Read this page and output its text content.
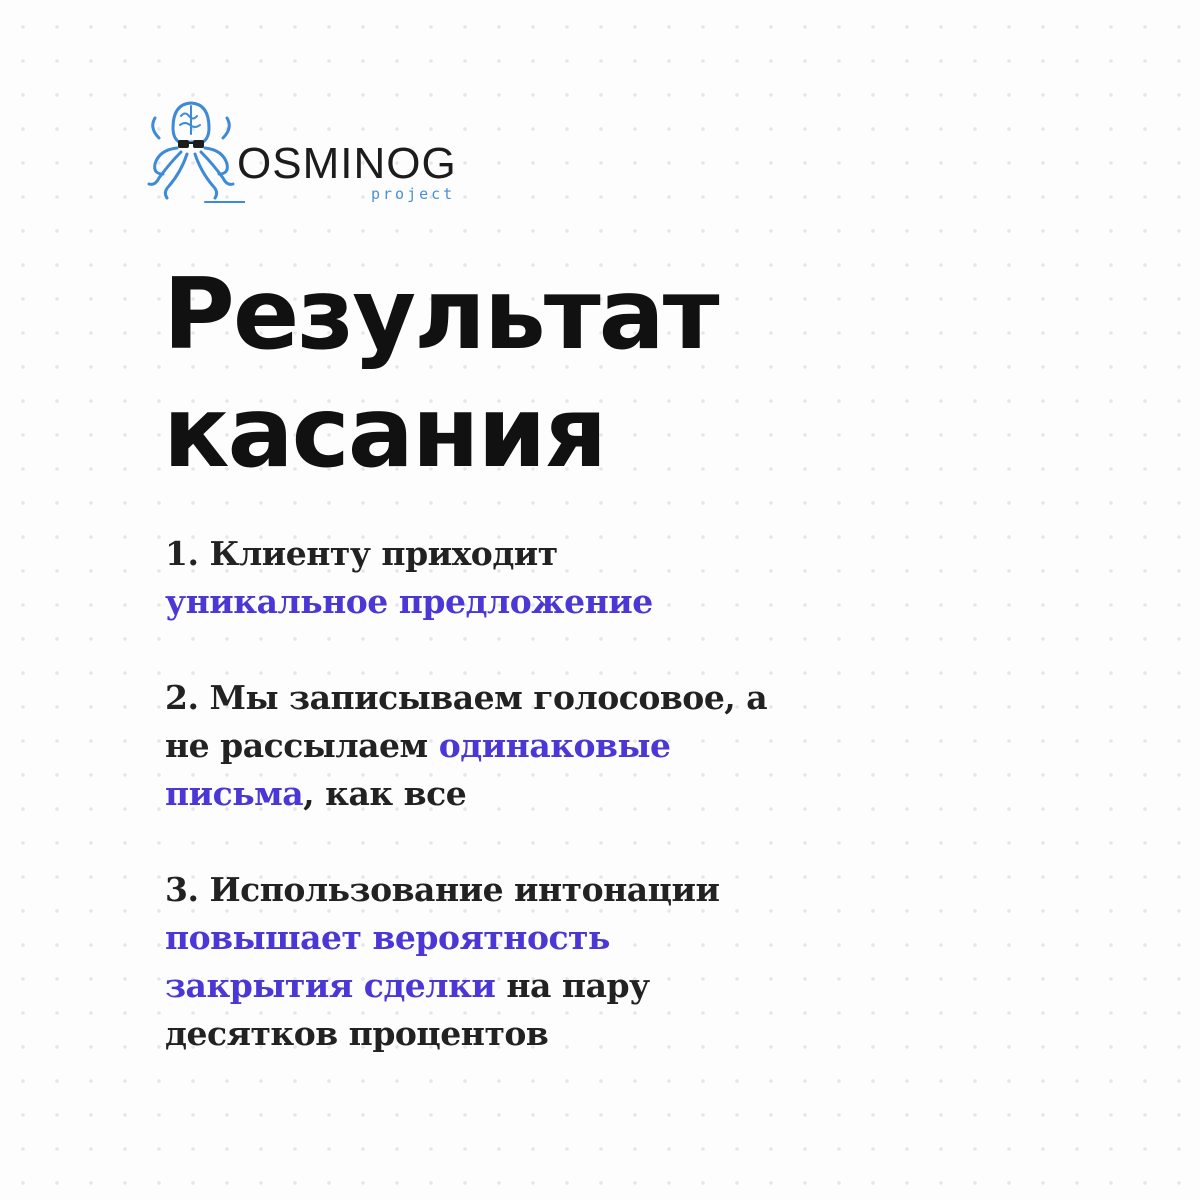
OSMINOG
project
Результат
касания

1. Клиенту приходит
уникальное предложение

2. Мы записываем голосовое, а
не рассылаем одинаковые
письма, как все

3. Использование интонации
повышает вероятность
закрытия сделки на пару
десятков процентов
